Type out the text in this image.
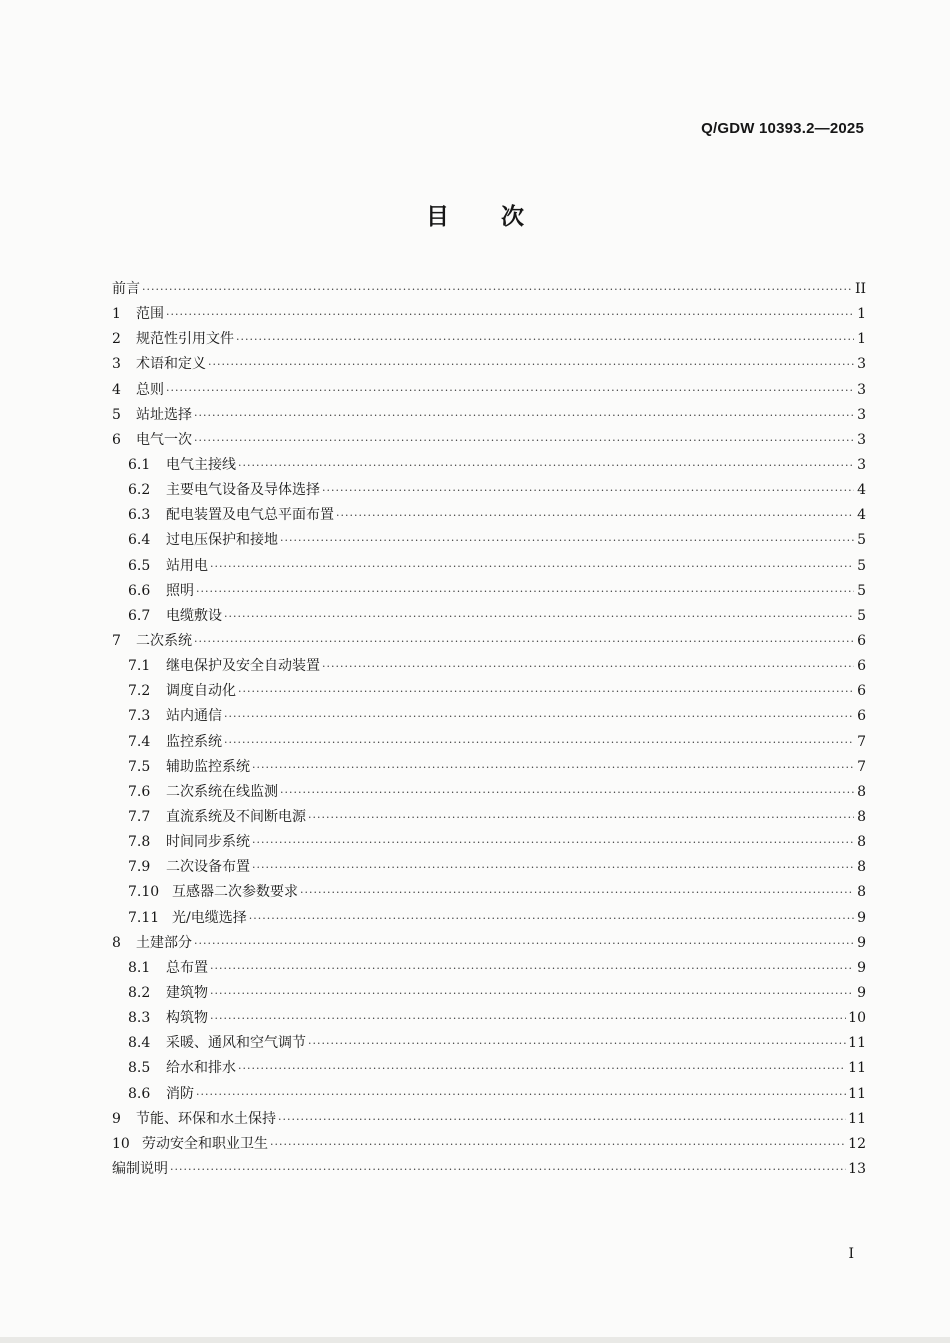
Q/GDW 10393.2—2025
目 次
前言 ·····	II
1	范围 ·····	1
2	规范性引用文件 ·····	1
3	术语和定义 ·····	3
4	总则 ·····	3
5	站址选择 ·····	3
6	电气一次 ·····	3
6.1	电气主接线 ·····	3
6.2	主要电气设备及导体选择 ·····	4
6.3	配电装置及电气总平面布置 ·····	4
6.4	过电压保护和接地 ·····	5
6.5	站用电 ·····	5
6.6	照明 ·····	5
6.7	电缆敷设 ·····	5
7	二次系统 ·····	6
7.1	继电保护及安全自动装置 ·····	6
7.2	调度自动化 ·····	6
7.3	站内通信 ·····	6
7.4	监控系统 ·····	7
7.5	辅助监控系统 ·····	7
7.6	二次系统在线监测 ·····	8
7.7	直流系统及不间断电源 ·····	8
7.8	时间同步系统 ·····	8
7.9	二次设备布置 ·····	8
7.10 互感器二次参数要求 ·····	8
7.11 光/电缆选择 ·····	9
8	土建部分 ·····	9
8.1	总布置 ·····	9
8.2	建筑物 ·····	9
8.3	构筑物 ·····	10
8.4	采暖、通风和空气调节 ·····	11
8.5	给水和排水 ·····	11
8.6	消防 ·····	11
9	节能、环保和水土保持 ·····	11
10 劳动安全和职业卫生 ·····	12
编制说明 ·····	13
I
